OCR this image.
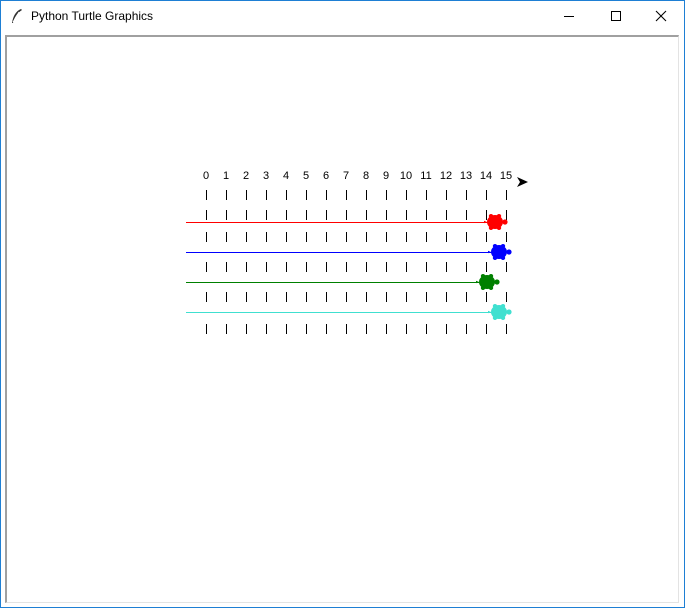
Python Turtle Graphics
0 1 2 3 4 5 6 7 8 9 10 11 12 13 14 15
